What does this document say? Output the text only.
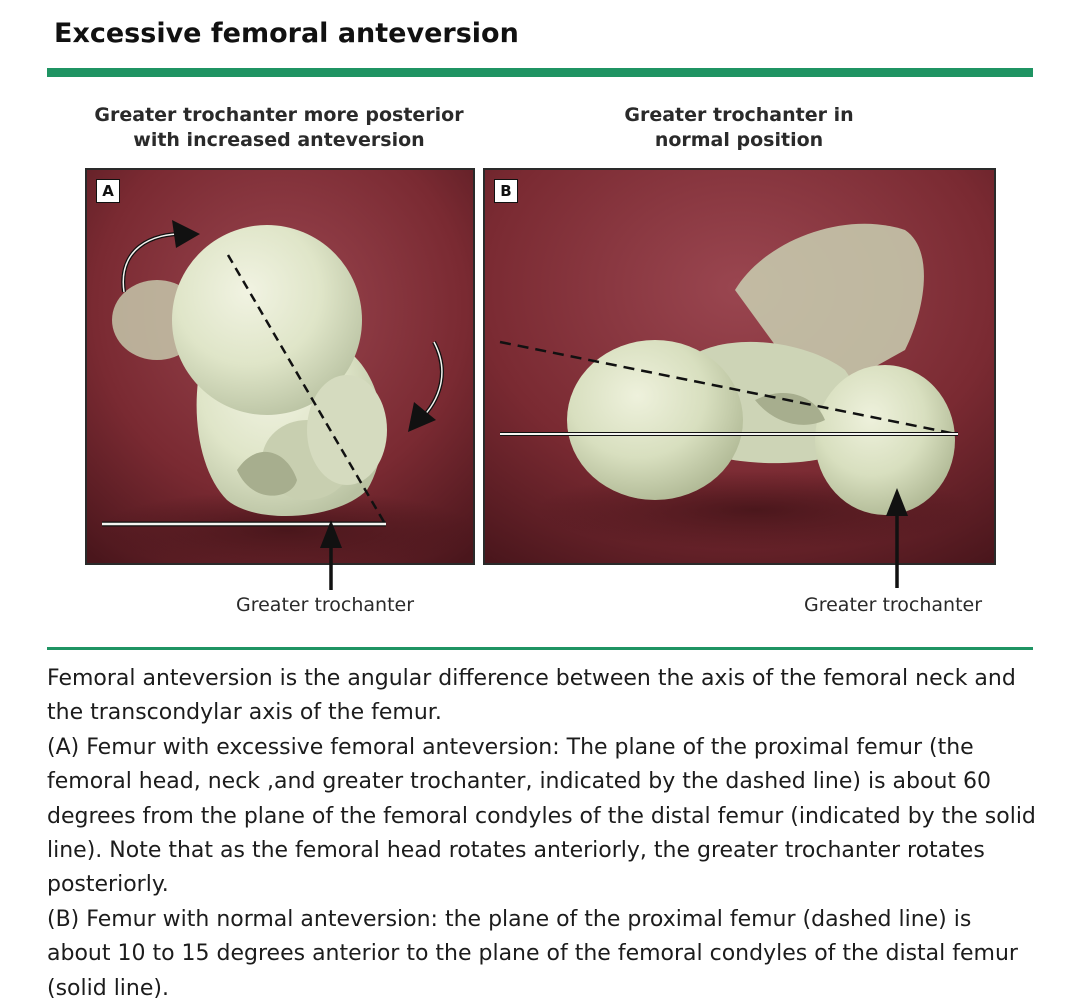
Excessive femoral anteversion
Greater trochanter more posterior
with increased anteversion
Greater trochanter in
normal position
A	B
Greater trochanter	Greater trochanter

Femoral anteversion is the angular difference between the axis of the femoral neck and the transcondylar axis of the femur.

(A) Femur with excessive femoral anteversion: The plane of the proximal femur (the femoral head, neck ,and greater trochanter, indicated by the dashed line) is about 60 degrees from the plane of the femoral condyles of the distal femur (indicated by the solid line). Note that as the femoral head rotates anteriorly, the greater trochanter rotates posteriorly.

(B) Femur with normal anteversion: the plane of the proximal femur (dashed line) is about 10 to 15 degrees anterior to the plane of the femoral condyles of the distal femur (solid line).
